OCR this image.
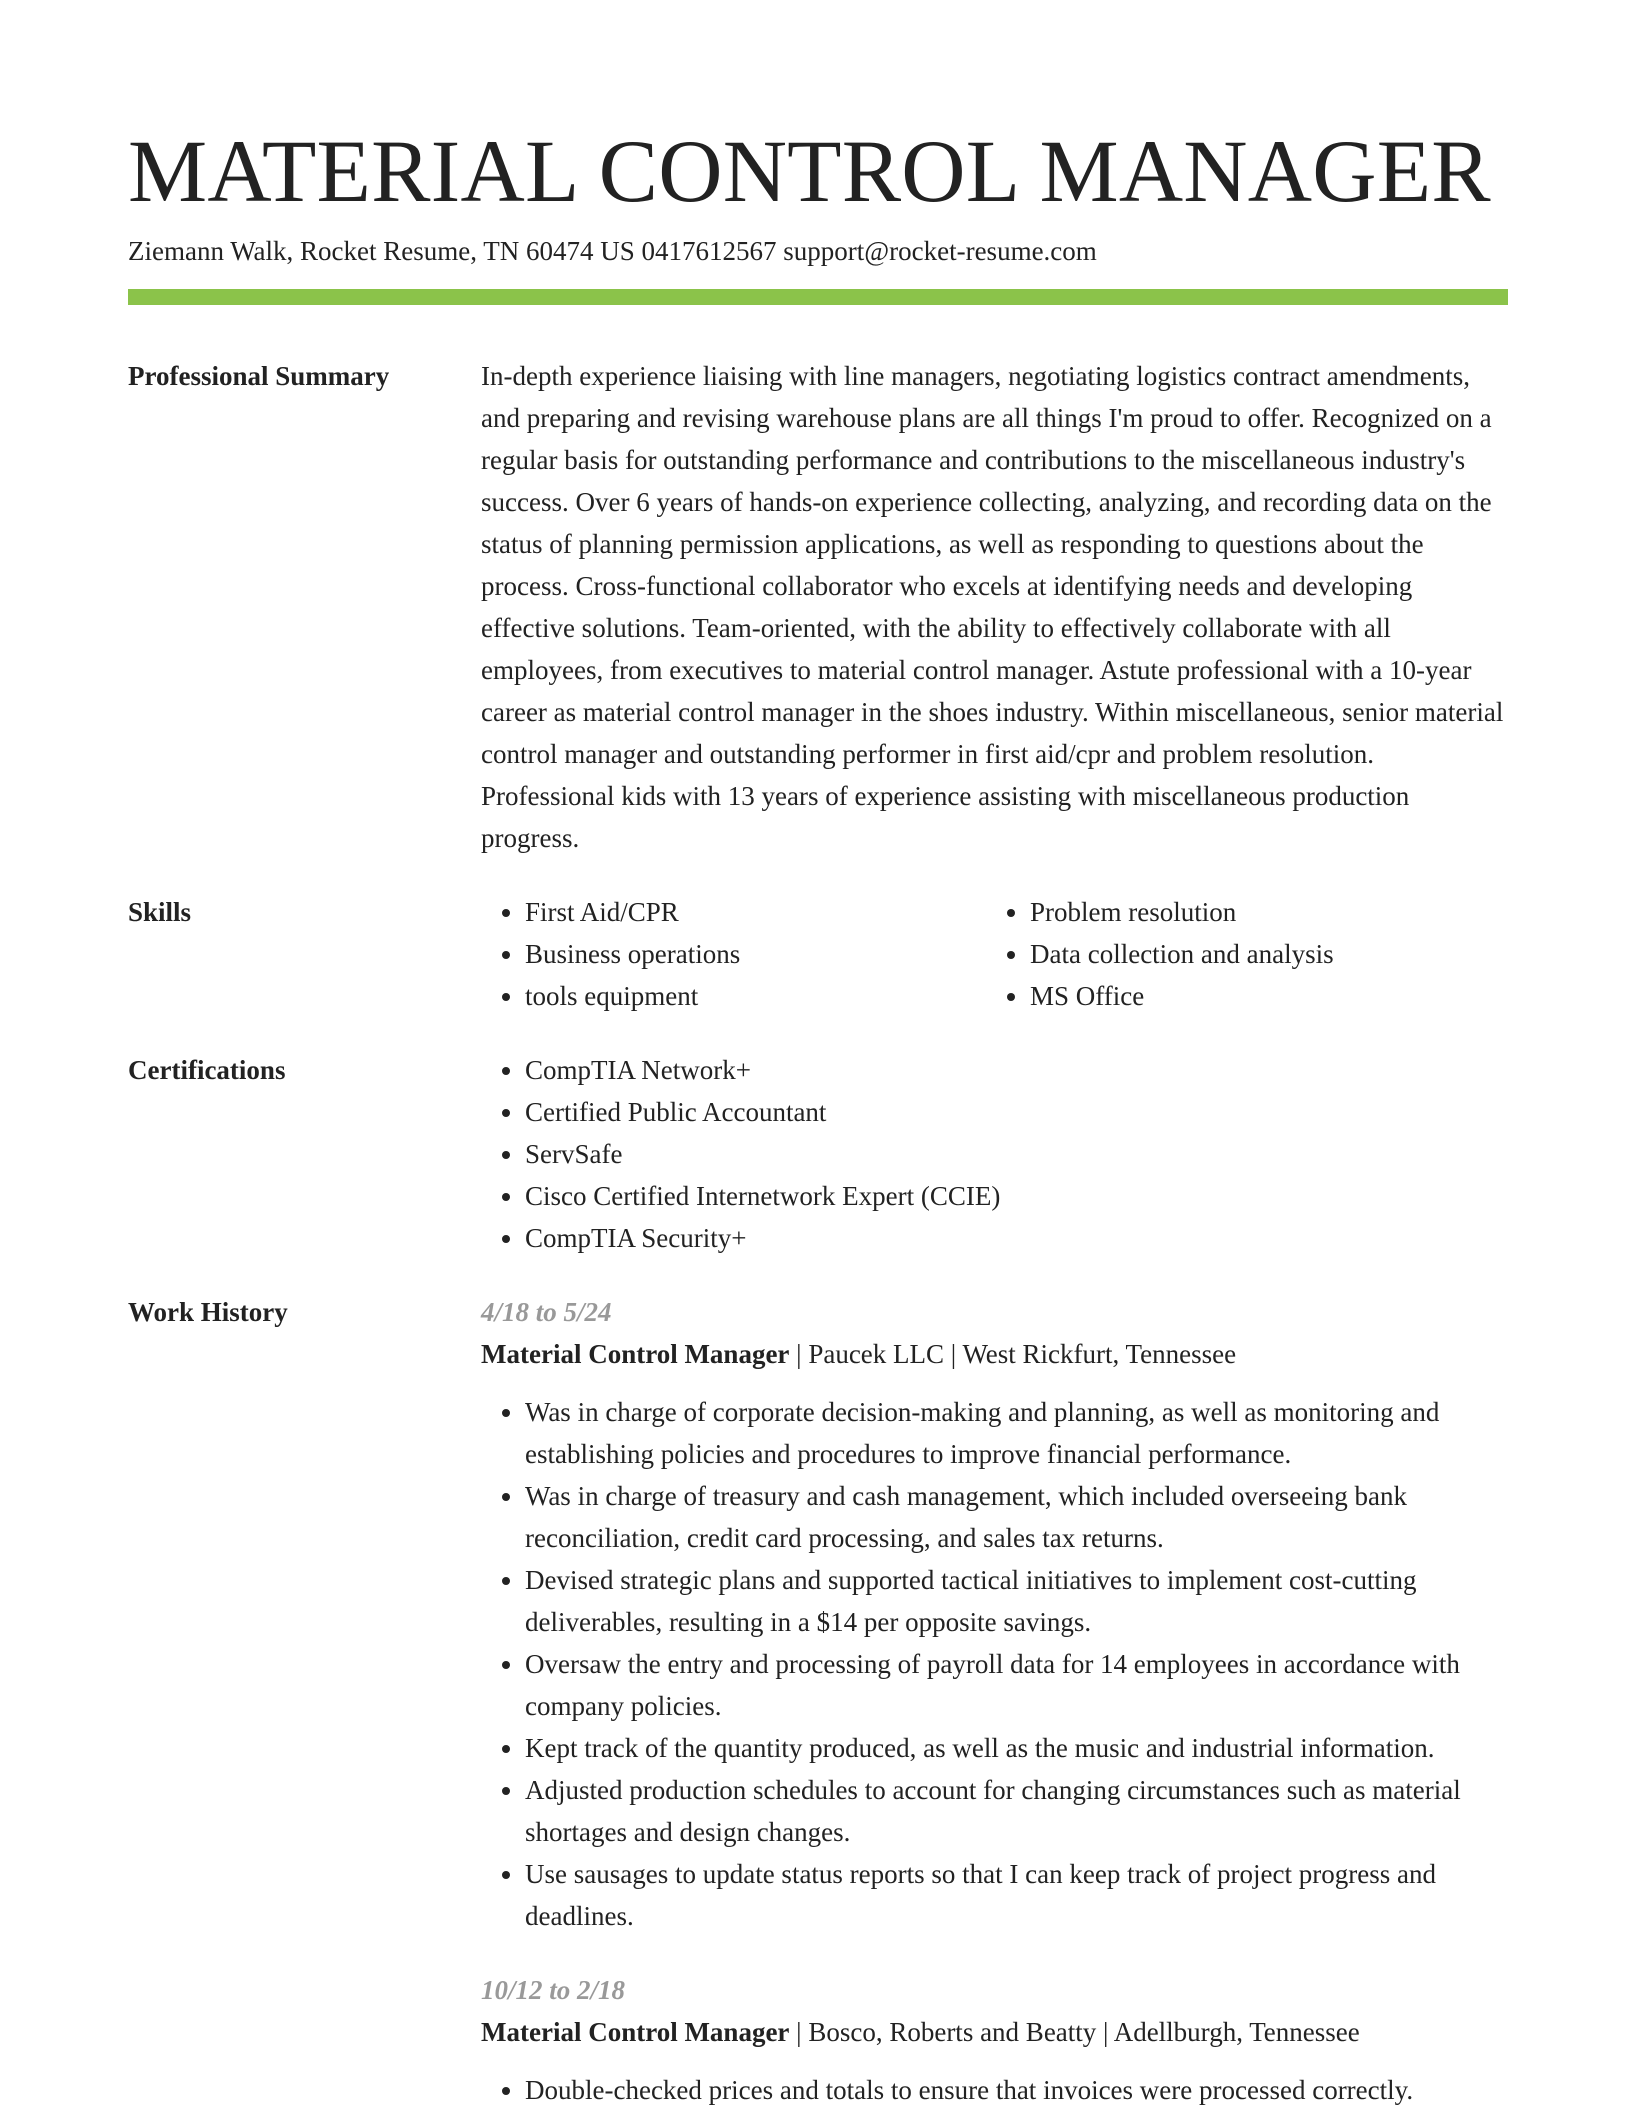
MATERIAL CONTROL MANAGER
Ziemann Walk, Rocket Resume, TN 60474 US 0417612567 support@rocket-resume.com
Professional Summary	In-depth experience liaising with line managers, negotiating logistics contract amendments, and preparing and revising warehouse plans are all things I'm proud to offer. Recognized on a regular basis for outstanding performance and contributions to the miscellaneous industry's success. Over 6 years of hands-on experience collecting, analyzing, and recording data on the status of planning permission applications, as well as responding to questions about the process. Cross-functional collaborator who excels at identifying needs and developing effective solutions. Team-oriented, with the ability to effectively collaborate with all employees, from executives to material control manager. Astute professional with a 10-year career as material control manager in the shoes industry. Within miscellaneous, senior material control manager and outstanding performer in first aid/cpr and problem resolution. Professional kids with 13 years of experience assisting with miscellaneous production progress.
Skills	• First Aid/CPR
• Business operations
• tools equipment
• Problem resolution
• Data collection and analysis
• MS Office
Certifications	• CompTIA Network+
• Certified Public Accountant
• ServSafe
• Cisco Certified Internetwork Expert (CCIE)
• CompTIA Security+
Work History	4/18 to 5/24
Material Control Manager | Paucek LLC | West Rickfurt, Tennessee
• Was in charge of corporate decision-making and planning, as well as monitoring and establishing policies and procedures to improve financial performance.
• Was in charge of treasury and cash management, which included overseeing bank reconciliation, credit card processing, and sales tax returns.
• Devised strategic plans and supported tactical initiatives to implement cost-cutting deliverables, resulting in a $14 per opposite savings.
• Oversaw the entry and processing of payroll data for 14 employees in accordance with company policies.
• Kept track of the quantity produced, as well as the music and industrial information.
• Adjusted production schedules to account for changing circumstances such as material shortages and design changes.
• Use sausages to update status reports so that I can keep track of project progress and deadlines.
10/12 to 2/18
Material Control Manager | Bosco, Roberts and Beatty | Adellburgh, Tennessee
• Double-checked prices and totals to ensure that invoices were processed correctly.
